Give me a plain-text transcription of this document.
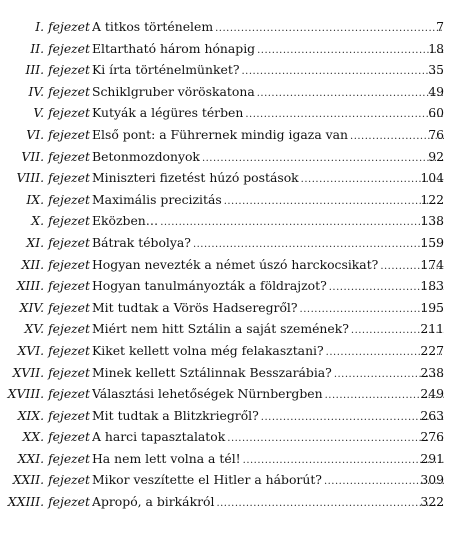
I. fejezet A titkos történelem .....	7
II. fejezet Eltartható három hónapig .....	18
III. fejezet Ki írta történelmünket? .....	35
IV. fejezet Schiklgruber vöröskatona .....	49
V. fejezet Kutyák a légüres térben .....	60
VI. fejezet Első pont: a Führernek mindig igaza van .....	76
VII. fejezet Betonmozdonyok .....	92
VIII. fejezet Miniszteri fizetést húzó postások .....	104
IX. fejezet Maximális precizitás .....	122
X. fejezet Eközben… .....	138
XI. fejezet Bátrak tébolya? .....	159
XII. fejezet Hogyan nevezték a német úszó harckocsikat? .....	174
XIII. fejezet Hogyan tanulmányozták a földrajzot? .....	183
XIV. fejezet Mit tudtak a Vörös Hadseregről? .....	195
XV. fejezet Miért nem hitt Sztálin a saját szemének? .....	211
XVI. fejezet Kiket kellett volna még felakasztani? .....	227
XVII. fejezet Minek kellett Sztálinnak Besszarábia? .....	238
XVIII. fejezet Választási lehetőségek Nürnbergben .....	249
XIX. fejezet Mit tudtak a Blitzkriegről? .....	263
XX. fejezet A harci tapasztalatok .....	276
XXI. fejezet Ha nem lett volna a tél! .....	291
XXII. fejezet Mikor veszítette el Hitler a háborút? .....	309
XXIII. fejezet Apropó, a birkákról .....	322
